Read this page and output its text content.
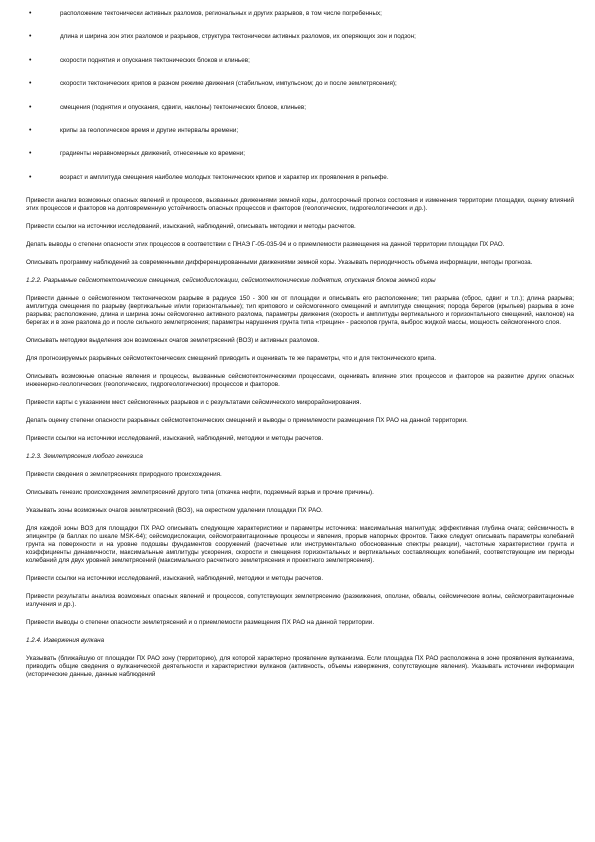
• расположение тектонически активных разломов, региональных и других разрывов, в том числе погребенных;
• длина и ширина зон этих разломов и разрывов, структура тектонически активных разломов, их оперяющих зон и подзон;
• скорости поднятия и опускания тектонических блоков и клиньев;
• скорости тектонических крипов в разном режиме движения (стабильном, импульсном; до и после землетрясения);
• смещения (поднятия и опускания, сдвиги, наклоны) тектонических блоков, клиньев;
• крипы за геологическое время и другие интервалы времени;
• градиенты неравномерных движений, отнесенные ко времени;
• возраст и амплитуда смещения наиболее молодых тектонических крипов и характер их проявления в рельефе.

Привести анализ возможных опасных явлений и процессов, вызванных движениями земной коры, долгосрочный прогноз состояния и изменения территории площадки, оценку влияний этих процессов и факторов на долговременную устойчивость опасных процессов и факторов (геологических, гидрогеологических и др.).

Привести ссылки на источники исследований, изысканий, наблюдений, описывать методики и методы расчетов.

Делать выводы о степени опасности этих процессов в соответствии с ПНАЭ Г-05-035-94 и о приемлемости размещения на данной территории площадки ПХ РАО.

Описывать программу наблюдений за современными дифференцированными движениями земной коры. Указывать периодичность объема информации, методы прогноза.

1.2.2. Разрывные сейсмотектонические смещения, сейсмодислокации, сейсмотектонические поднятия, опускания блоков земной коры

Привести данные о сейсмогенном тектоническом разрыве в радиусе 150 - 300 км от площадки и описывать его расположение; тип разрыва (сброс, сдвиг и т.п.); длина разрыва; амплитуда смещения по разрыву (вертикальные и/или горизонтальные); тип крипового и сейсмогенного смещений и амплитуде смещения; порода берегов (крыльев) разрыва в зоне разрыва; расположение, длина и ширина зоны сейсмогенно активного разлома, параметры движения (скорость и амплитуды вертикального и горизонтального смещений, наклонов) на берегах и в зоне разлома до и после сильного землетрясения; параметры нарушения грунта типа «трещин» - расколов грунта, выброс жидкой массы, мощность сейсмогенного слоя.

Описывать методики выделения зон возможных очагов землетрясений (ВОЗ) и активных разломов.

Для прогнозируемых разрывных сейсмотектонических смещений приводить и оценивать те же параметры, что и для тектонического крипа.

Описывать возможные опасные явления и процессы, вызванные сейсмотектоническими процессами, оценивать влияние этих процессов и факторов на развитие других опасных инженерно-геологических (геологических, гидрогеологических) процессов и факторов.

Привести карты с указанием мест сейсмогенных разрывов и с результатами сейсмического микрорайонирования.

Делать оценку степени опасности разрывных сейсмотектонических смещений и выводы о приемлемости размещения ПХ РАО на данной территории.

Привести ссылки на источники исследований, изысканий, наблюдений, методики и методы расчетов.

1.2.3. Землетрясения любого генезиса

Привести сведения о землетрясениях природного происхождения.

Описывать генезис происхождения землетрясений другого типа (откачка нефти, подземный взрыв и прочие причины).

Указывать зоны возможных очагов землетрясений (ВОЗ), на окрестном удалении площадки ПХ РАО.

Для каждой зоны ВОЗ для площадки ПХ РАО описывать следующие характеристики и параметры источника: максимальная магнитуда; эффективная глубина очага; сейсмичность в эпицентре (в баллах по шкале MSK-64); сейсмодислокации, сейсмогравитационные процессы и явления, прорыв напорных фронтов. Также следует описывать параметры колебаний грунта на поверхности и на уровне подошвы фундаментов сооружений (расчетные или инструментально обоснованные спектры реакции), частотные характеристики грунта и коэффициенты динамичности, максимальные амплитуды ускорения, скорости и смещения горизонтальных и вертикальных составляющих колебаний, соответствующие им периоды колебаний для двух уровней землетрясений (максимального расчетного землетрясения и проектного землетрясения).

Привести ссылки на источники исследований, изысканий, наблюдений, методики и методы расчетов.

Привести результаты анализа возможных опасных явлений и процессов, сопутствующих землетрясению (разжижения, оползни, обвалы, сейсмические волны, сейсмогравитационные излучения и др.).

Привести выводы о степени опасности землетрясений и о приемлемости размещения ПХ РАО на данной территории.

1.2.4. Извержения вулкана

Указывать (ближайшую от площадки ПХ РАО зону (территорию), для которой характерно проявление вулканизма. Если площадка ПХ РАО расположена в зоне проявления вулканизма, приводить общие сведения о вулканической деятельности и характеристики вулканов (активность, объемы извержения, сопутствующие явления). Указывать источники информации (исторические данные, данные наблюдений
